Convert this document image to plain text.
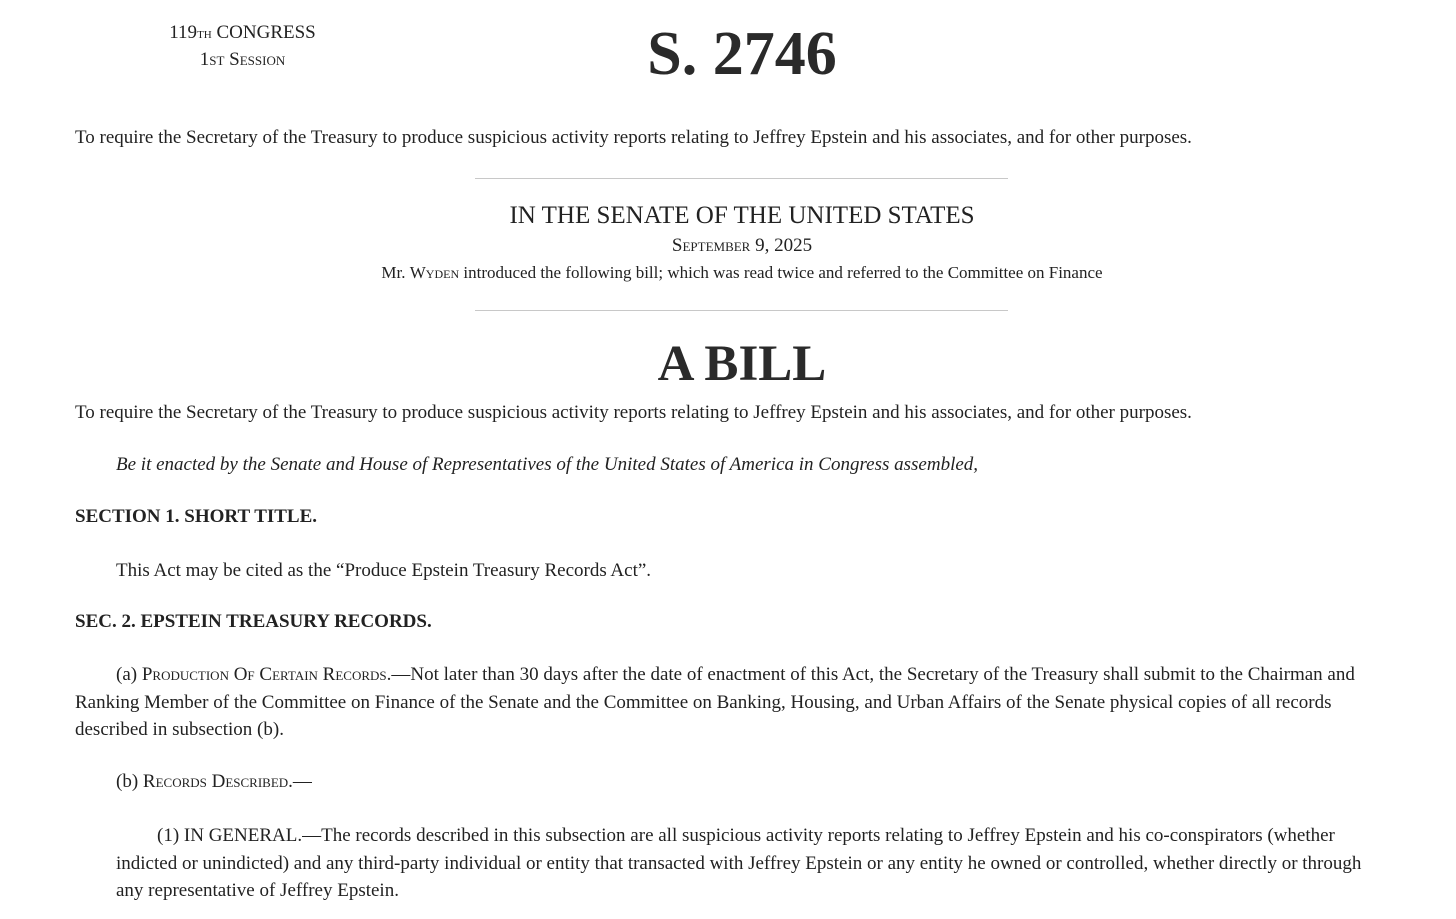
119th CONGRESS
1st Session	S. 2746
To require the Secretary of the Treasury to produce suspicious activity reports relating to Jeffrey Epstein and his associates, and for other purposes.
IN THE SENATE OF THE UNITED STATES
September 9, 2025
Mr. Wyden introduced the following bill; which was read twice and referred to the Committee on Finance
A BILL
To require the Secretary of the Treasury to produce suspicious activity reports relating to Jeffrey Epstein and his associates, and for other purposes.
Be it enacted by the Senate and House of Representatives of the United States of America in Congress assembled,
SECTION 1. SHORT TITLE.
This Act may be cited as the “Produce Epstein Treasury Records Act”.
SEC. 2. EPSTEIN TREASURY RECORDS.
(a) Production Of Certain Records.—Not later than 30 days after the date of enactment of this Act, the Secretary of the Treasury shall submit to the Chairman and Ranking Member of the Committee on Finance of the Senate and the Committee on Banking, Housing, and Urban Affairs of the Senate physical copies of all records described in subsection (b).
(b) Records Described.—
(1) IN GENERAL.—The records described in this subsection are all suspicious activity reports relating to Jeffrey Epstein and his co-conspirators (whether indicted or unindicted) and any third-party individual or entity that transacted with Jeffrey Epstein or any entity he owned or controlled, whether directly or through any representative of Jeffrey Epstein.
